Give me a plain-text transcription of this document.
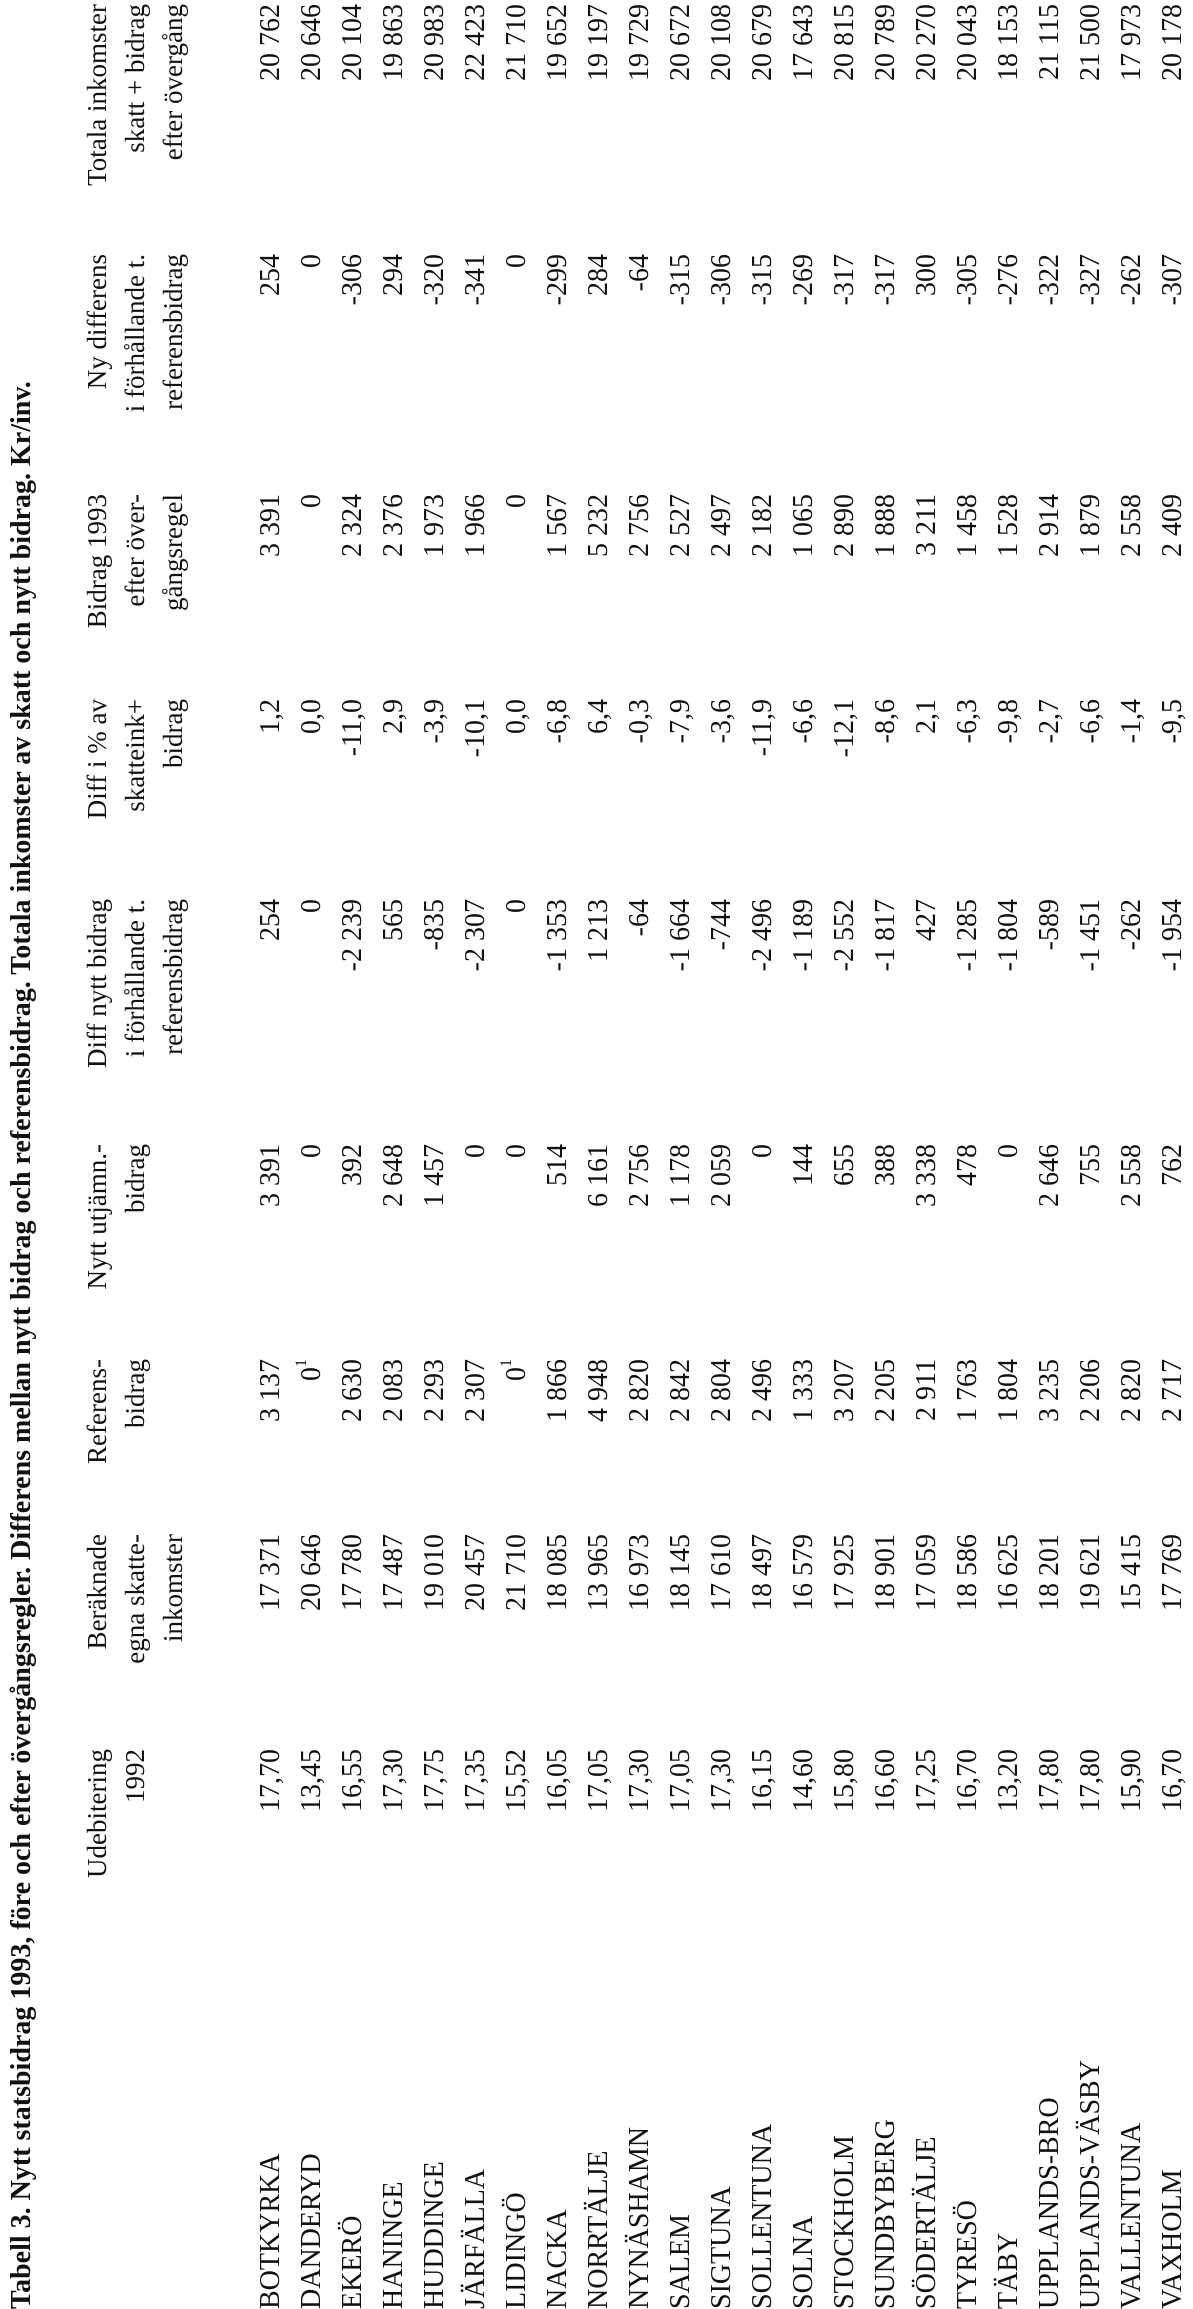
Tabell 3. Nytt statsbidrag 1993, före och efter övergångsregler. Differens mellan nytt bidrag och referensbidrag. Totala inkomster av skatt och nytt bidrag. Kr/inv. Udebitering 1992
Beräknade egna skatte- inkomster
Referens- bidrag
Nytt utjämn.- bidrag
Diff nytt bidrag i förhållande t. referensbidrag
Diff i % av skatteink+ bidrag
Bidrag 1993 efter över- gångsregel
Ny differens i förhållande t. referensbidrag
Totala inkomster skatt + bidrag efter övergång
BOTKYRKA DANDERYD EKERÖ HANINGE HUDDINGE JÄRFÄLLA LIDINGÖ NACKA NORRTÄLJE NYNÄSHAMN SALEM SIGTUNA SOLLENTUNA SOLNA STOCKHOLM SUNDBYBERG SÖDERTÄLJE TYRESÖ TÄBY UPPLANDS-BRO UPPLANDS-VÄSBY VALLENTUNA VAXHOLM
17,70 13,45 16,55 17,30 17,75 17,35 15,52 16,05 17,05 17,30 17,05 17,30 16,15 14,60 15,80 16,60 17,25 16,70 13,20 17,80 17,80 15,90 16,70
17 371 20 646 17 780 17 487 19 010 20 457 21 710 18 085 13 965 16 973 18 145 17 610 18 497 16 579 17 925 18 901 17 059 18 586 16 625 18 201 19 621 15 415 17 769
3 137 $0^1$ 2 630 2 083 2 293 2 307 $0^1$ 1 866 4 948 2 820 2 842 2 804 2 496 1 333 3 207 2 205 2 911 1 763 1 804 3 235 2 206 2 820 2 717
3 391 0 392 2 648 1 457 0 0 514 6 161 2 756 1 178 2 059 0 144 655 388 3 338 478 0 2 646 755 2 558 762
254 0 -2 239 565 -835 -2 307 0 -1 353 1 213 -64 -1 664 -744 -2 496 -1 189 -2 552 -1 817 427 -1 285 -1 804 -589 -1 451 -262 -1 954
1,2 0,0 -11,0 2,9 -3,9 -10,1 0,0 -6,8 6,4 -0,3 -7,9 -3,6 -11,9 -6,6 -12,1 -8,6 2,1 -6,3 -9,8 -2,7 -6,6 -1,4 -9,5
3 391 0 2 324 2 376 1 973 1 966 0 1 567 5 232 2 756 2 527 2 497 2 182 1 065 2 890 1 888 3 211 1 458 1 528 2 914 1 879 2 558 2 409
254 0 -306 294 -320 -341 0 -299 284 -64 -315 -306 -315 -269 -317 -317 300 -305 -276 -322 -327 -262 -307
20 762 20 646 20 104 19 863 20 983 22 423 21 710 19 652 19 197 19 729 20 672 20 108 20 679 17 643 20 815 20 789 20 270 20 043 18 153 21 115 21 500 17 973 20 178
